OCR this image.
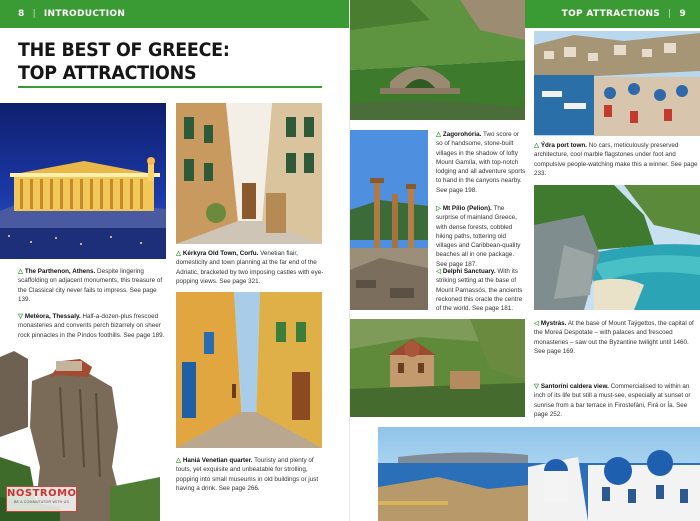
8 | INTRODUCTION
THE BEST OF GREECE:
TOP ATTRACTIONS
△ Kérkyra Old Town, Corfu. Venetian flair, domesticity and town planning at the far end of the Adriatic, bracketed by two imposing castles with eye-popping views. See page 321.
△ The Parthenon, Athens. Despite lingering scaffolding on adjacent monuments, this treasure of the Classical city never fails to impress. See page 139.
▽ Metéora, Thessaly. Half-a-dozen-plus frescoed monasteries and convents perch bizarrely on sheer rock pinnacles in the Píndos foothills. See page 189.
△ Haniá Venetian quarter. Touristy and plenty of touts, yet exquisite and unbeatable for strolling, popping into small museums in old buildings or just having a drink. See page 266.
NOSTROMO
BE A COMMUTATOR WITH US
△ Zagorohória. Two score or so of handsome, stone-built villages in the shadow of lofty Mount Gamíla, with top-notch lodging and all adventure sports to hand in the canyons nearby. See page 198.
▷ Mt Pílio (Pelion). The surprise of mainland Greece, with dense forests, cobbled hiking paths, tottering old villages and Caribbean-quality beaches all in one package. See page 187.
◁ Delphi Sanctuary. With its striking setting at the base of Mount Parnassós, the ancients reckoned this oracle the centre of the world. See page 181.
△ Ýdra port town. No cars, meticulously preserved architecture, cool marble flagstones under foot and compulsive people-watching make this a winner. See page 233.
◁ Mystrás. At the base of Mount Taÿgettos, the capital of the Moreá Despotate – with palaces and frescoed monasteries – saw out the Byzantine twilight until 1460. See page 169.
▽ Santoríni caldera view. Commercialised to within an inch of its life but still a must-see, especially at sunset or sunrise from a bar terrace in Firostefáni, Firá or Ía. See page 252.
TOP ATTRACTIONS | 9
